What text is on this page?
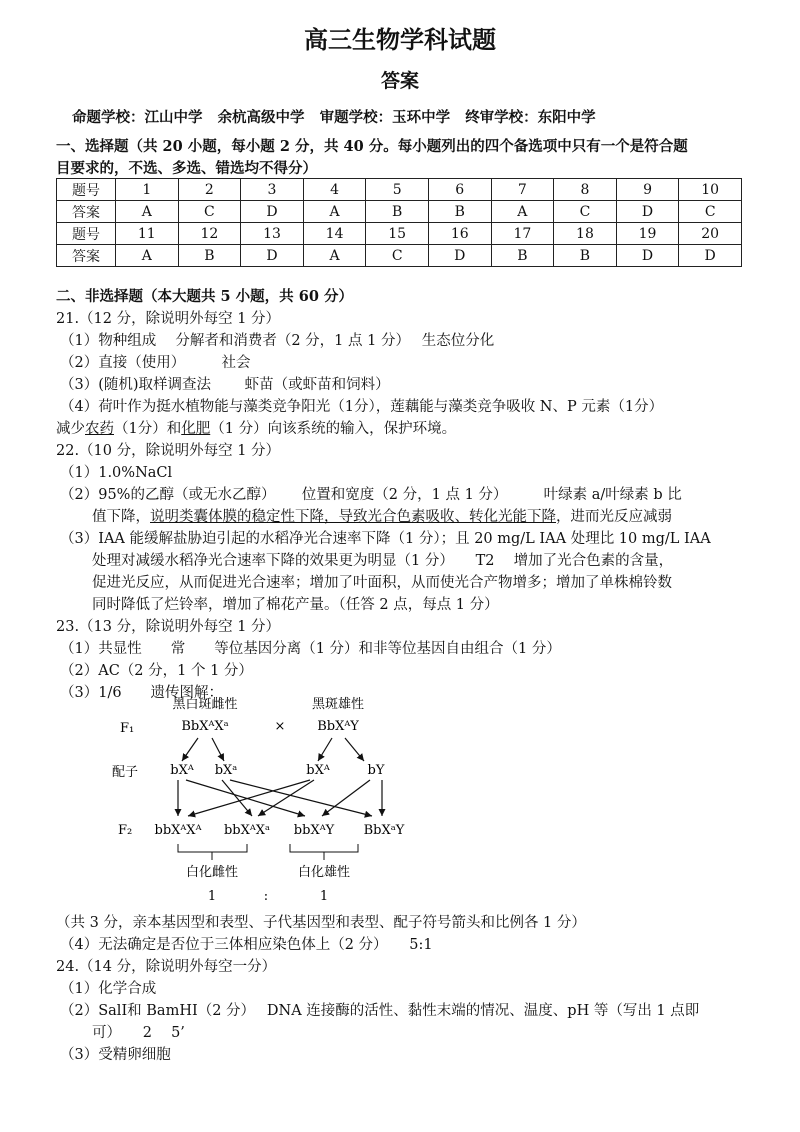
高三生物学科试题
答案
命题学校：江山中学 余杭高级中学 审题学校：玉环中学 终审学校：东阳中学
一、选择题（共 20 小题，每小题 2 分，共 40 分。每小题列出的四个备选项中只有一个是符合题
目要求的，不选、多选、错选均不得分）
题号	1	2	3	4	5	6	7	8	9	10
答案	A	C	D	A	B	B	A	C	D	C
题号	11	12	13	14	15	16	17	18	19	20
答案	A	B	D	A	C	D	B	B	D	D
二、非选择题（本大题共 5 小题，共 60 分）
21.（12 分，除说明外每空 1 分）
（1）物种组成　 分解者和消费者（2 分，1 点 1 分）　 生态位分化
（2）直接（使用）　　　社会
（3）(随机)取样调查法　　 虾苗（或虾苗和饲料）
（4）荷叶作为挺水植物能与藻类竞争阳光（1分），莲藕能与藻类竞争吸收 N、P 元素（1分）
减少农药（1分）和化肥（1 分）向该系统的输入，保护环境。
22.（10 分，除说明外每空 1 分）
（1）1.0%NaCl
（2）95%的乙醇（或无水乙醇）　　 位置和宽度（2 分，1 点 1 分）　　　叶绿素 a/叶绿素 b 比
值下降，说明类囊体膜的稳定性下降，导致光合色素吸收、转化光能下降，进而光反应减弱
（3）IAA 能缓解盐胁迫引起的水稻净光合速率下降（1 分）；且 20 mg/L IAA 处理比 10 mg/L IAA
处理对减缓水稻净光合速率下降的效果更为明显（1 分）　　T2　 增加了光合色素的含量，
促进光反应，从而促进光合速率；增加了叶面积，从而使光合产物增多；增加了单株棉铃数
同时降低了烂铃率，增加了棉花产量。（任答 2 点，每点 1 分）
23.（13 分，除说明外每空 1 分）
（1）共显性　　常　　等位基因分离（1 分）和非等位基因自由组合（1 分）
（2）AC（2 分，1 个 1 分）
（3）1/6　　遗传图解：
黑白斑雌性	黑斑雄性
F₁	BbXᴬXᵃ	× BbXᴬY
配子 bXᴬ bXᵃ	bXᴬ	bY
F₂ bbXᴬXᴬ bbXᴬXᵃ bbXᴬY BbXᵃY
白化雌性	白化雄性
1	:	1
（共 3 分，亲本基因型和表型、子代基因型和表型、配子符号箭头和比例各 1 分）
（4）无法确定是否位于三体相应染色体上（2 分）　　5:1
24.（14 分，除说明外每空一分）
（1）化学合成
（2）SalⅠ和 BamHⅠ（2 分）　 DNA 连接酶的活性、黏性末端的情况、温度、pH 等（写出 1 点即
可）　　2　 5’
（3）受精卵细胞
